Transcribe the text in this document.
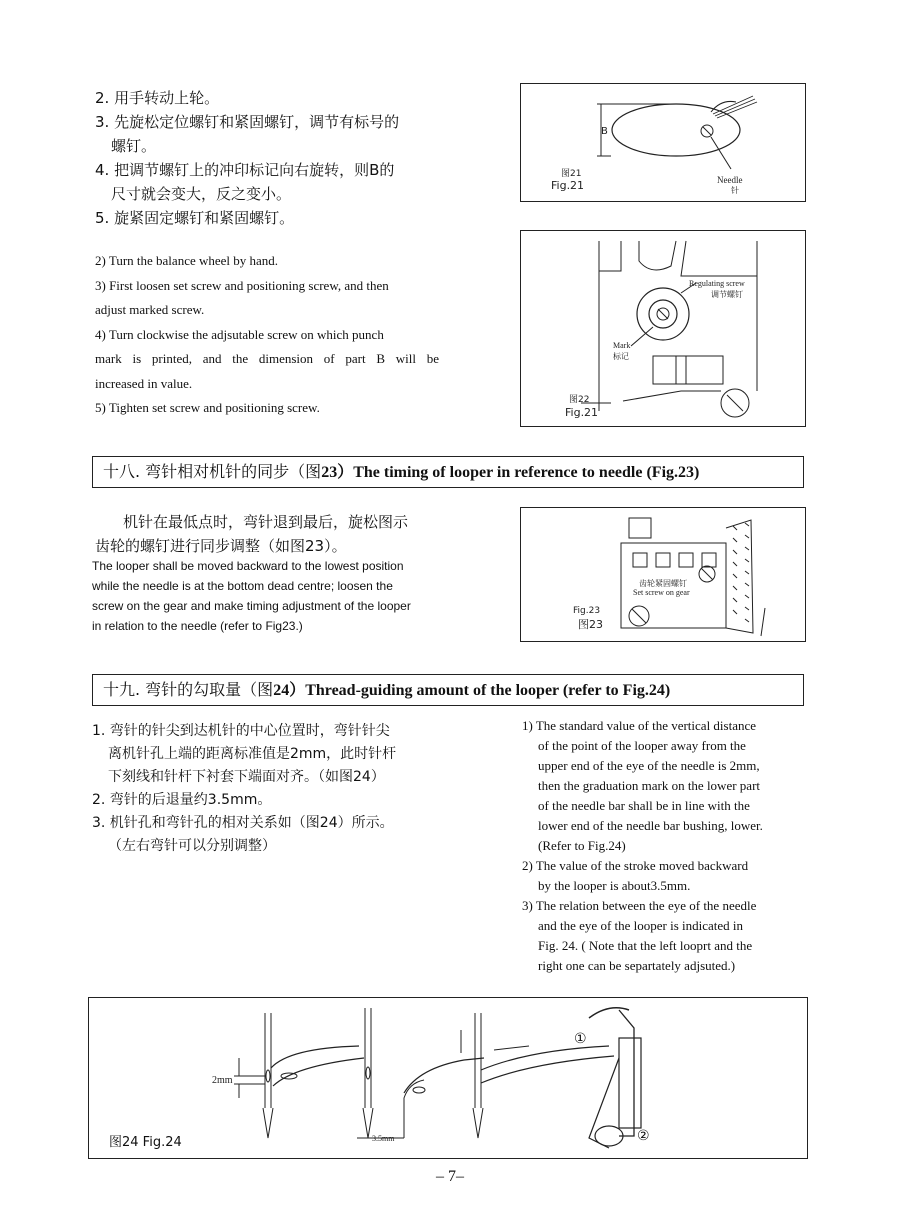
2. 用手转动上轮。
3. 先旋松定位螺钉和紧固螺钉，调节有标号的
螺钉。
4. 把调节螺钉上的冲印标记向右旋转，则B的
尺寸就会变大，反之变小。
5. 旋紧固定螺钉和紧固螺钉。
2) Turn the balance wheel by hand.
3) First loosen set screw and positioning screw, and then
adjust marked screw.
4) Turn clockwise the adjsutable screw on which punch
mark is printed, and the dimension of part B will be
increased in value.
5) Tighten set screw and positioning screw.
B
Needle
针
图21
Fig.21
Regulating screw
调节螺钉
Mark
标记
图22
Fig.21
十八. 弯针相对机针的同步（图23）The timing of looper in reference to needle (Fig.23)
机针在最低点时，弯针退到最后，旋松图示
齿轮的螺钉进行同步调整（如图23）。
The looper shall be moved backward to the lowest position
while the needle is at the bottom dead centre; loosen the
screw on the gear and make timing adjustment of the looper
in relation to the needle (refer to Fig23.)
齿轮紧固螺钉
Set screw on gear
Fig.23
图23
十九. 弯针的勾取量（图24）Thread-guiding amount of the looper (refer to Fig.24)
1. 弯针的针尖到达机针的中心位置时，弯针针尖
离机针孔上端的距离标准值是2mm，此时针杆
下刻线和针杆下衬套下端面对齐。（如图24）
2. 弯针的后退量约3.5mm。
3. 机针孔和弯针孔的相对关系如（图24）所示。
（左右弯针可以分别调整）
1) The standard value of the vertical distance
of the point of the looper away from the
upper end of the eye of the needle is 2mm,
then the graduation mark on the lower part
of the needle bar shall be in line with the
lower end of the needle bar bushing, lower.
(Refer to Fig.24)
2) The value of the stroke moved backward
by the looper is about3.5mm.
3) The relation between the eye of the needle
and the eye of the looper is indicated in
Fig. 24. ( Note that the left looprt and the
right one can be separtately adjsuted.)
2mm
3.5mm
①
②
图24 Fig.24
– 7–
